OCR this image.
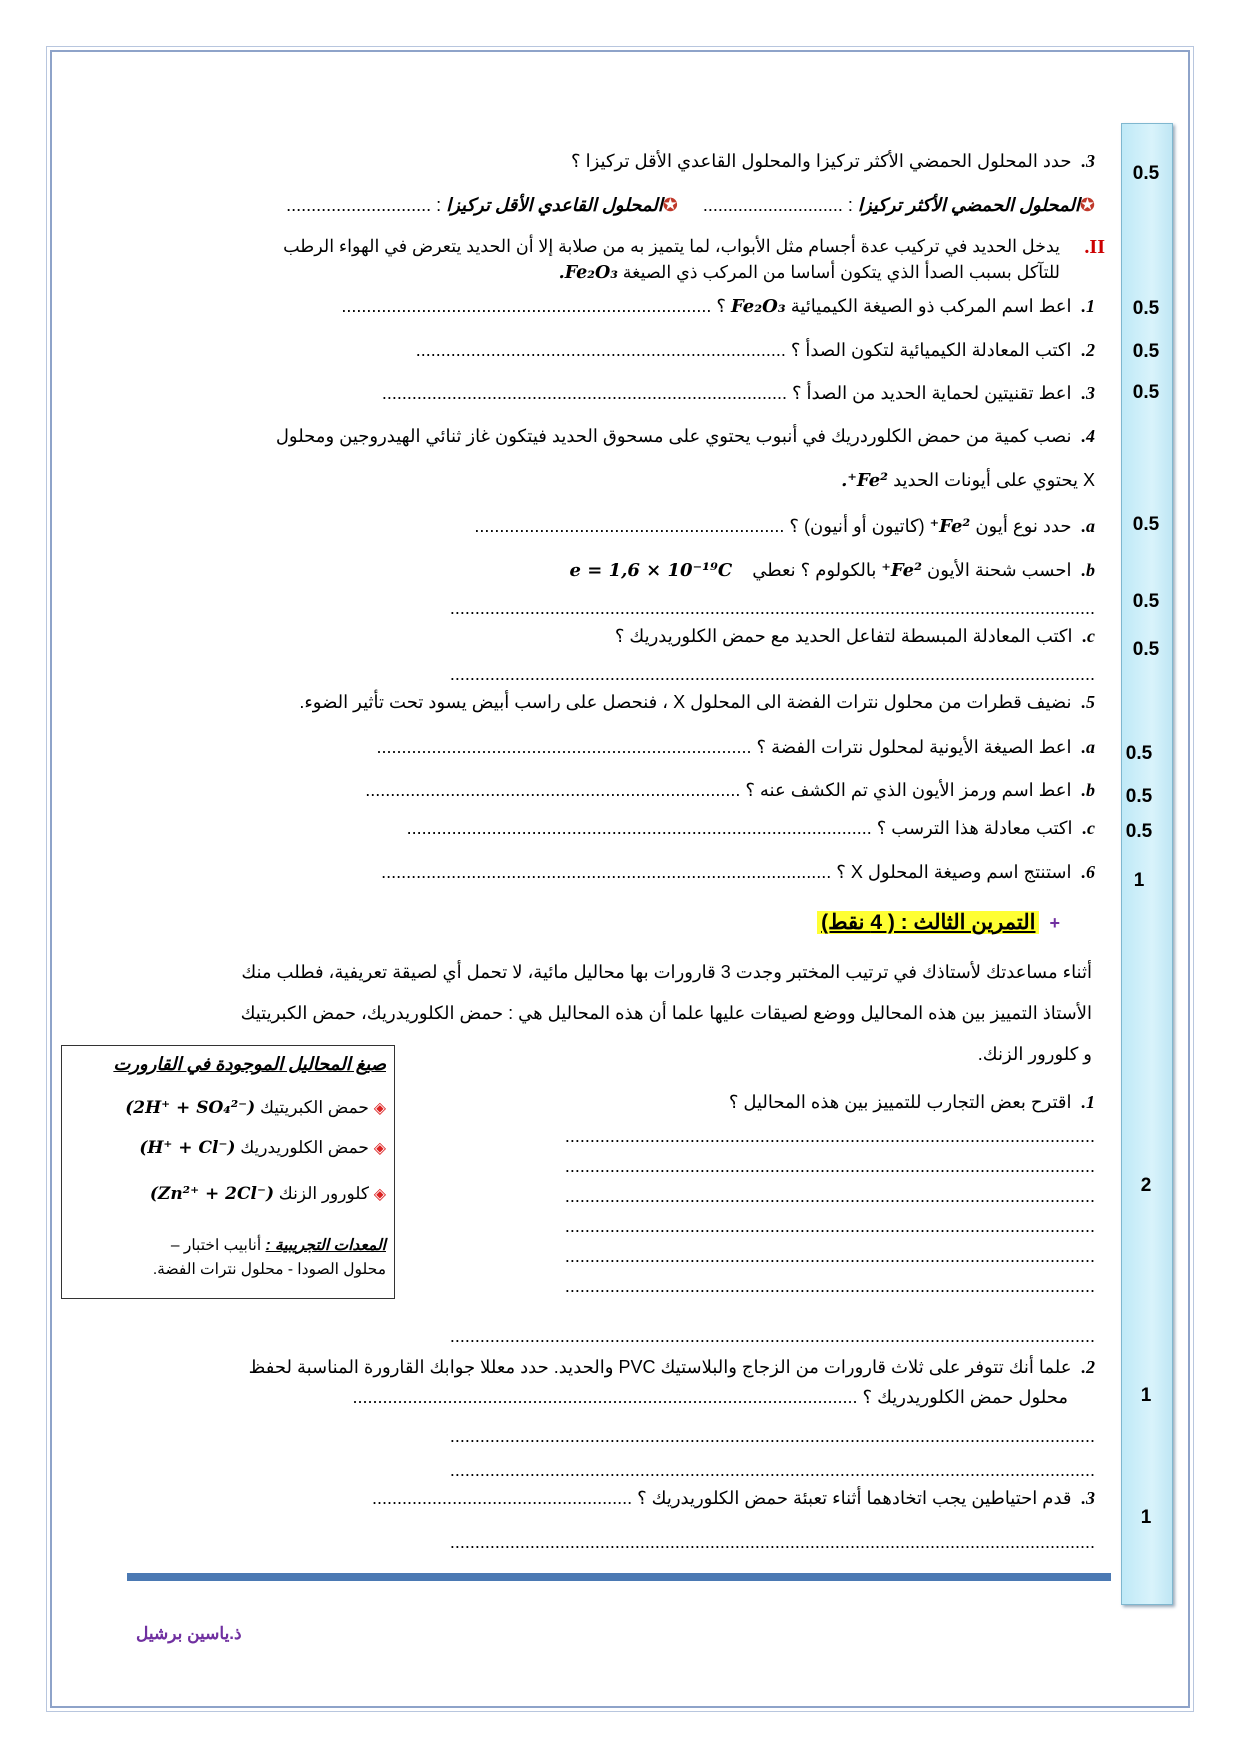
0.5
0.5
0.5
0.5
0.5
0.5
0.5
0.5
0.5
0.5
1
2
1
1
3.حدد المحلول الحمضي الأكثر تركيزا والمحلول القاعدي الأقل تركيزا ؟
✪المحلول الحمضي الأكثر تركيزا : ............................     ✪المحلول القاعدي الأقل تركيزا : .............................
II.
يدخل الحديد في تركيب عدة أجسام مثل الأبواب، لما يتميز به من صلابة إلا أن الحديد يتعرض في الهواء الرطب
للتآكل بسبب الصدأ الذي يتكون أساسا من المركب ذي الصيغة Fe₂O₃.
1.اعط اسم المركب ذو الصيغة الكيميائية Fe₂O₃ ؟ ..........................................................................
2.اكتب المعادلة الكيميائية لتكون الصدأ ؟ ..........................................................................
3.اعط تقنيتين لحماية الحديد من الصدأ ؟ .................................................................................
4.نصب كمية من حمض الكلوردريك في أنبوب يحتوي على مسحوق الحديد فيتكون غاز ثنائي الهيدروجين ومحلول
X يحتوي على أيونات الحديد Fe²⁺.
a.حدد نوع أيون Fe²⁺ (كاتيون أو أنيون) ؟ ..............................................................
b.احسب شحنة الأيون Fe²⁺ بالكولوم ؟ نعطي    e = 1,6 × 10⁻¹⁹C
.................................................................................................................................
c.اكتب المعادلة المبسطة لتفاعل الحديد مع حمض الكلوريدريك ؟
.................................................................................................................................
5.نضيف قطرات من محلول نترات الفضة الى المحلول X ، فنحصل على راسب أبيض يسود تحت تأثير الضوء.
a.اعط الصيغة الأيونية لمحلول نترات الفضة ؟ ...........................................................................
b.اعط اسم ورمز الأيون الذي تم الكشف عنه ؟ ...........................................................................
c.اكتب معادلة هذا الترسب ؟ .............................................................................................
6.استنتج اسم وصيغة المحلول X ؟ ..........................................................................................
+  التمرين الثالث : ( 4 نقط)
أثناء مساعدتك لأستاذك في ترتيب المختبر وجدت 3 قارورات بها محاليل مائية، لا تحمل أي لصيقة تعريفية، فطلب منك
الأستاذ التمييز بين هذه المحاليل ووضع لصيقات عليها علما أن هذه المحاليل هي : حمض الكلوريدريك، حمض الكبريتيك
و كلورور الزنك.
1.اقترح بعض التجارب للتمييز بين هذه المحاليل ؟
..........................................................................................................
..........................................................................................................
..........................................................................................................
..........................................................................................................
..........................................................................................................
..........................................................................................................
.................................................................................................................................
2.علما أنك تتوفر على ثلاث قارورات من الزجاج والبلاستيك PVC والحديد. حدد معللا جوابك القارورة المناسبة لحفظ
محلول حمض الكلوريدريك ؟ .....................................................................................................
.................................................................................................................................
.................................................................................................................................
3.قدم احتياطين يجب اتخادهما أثناء تعبئة حمض الكلوريدريك ؟ ....................................................
.................................................................................................................................
صيغ المحاليل الموجودة في القارورت
◈ حمض الكبريتيك (2H⁺ + SO₄²⁻)
◈ حمض الكلوريدريك (H⁺ + Cl⁻)
◈ كلورور الزنك (Zn²⁺ + 2Cl⁻)
المعدات التجريبية : أنابيب اختبار –
محلول الصودا - محلول نترات الفضة.
ذ.ياسين برشيل
